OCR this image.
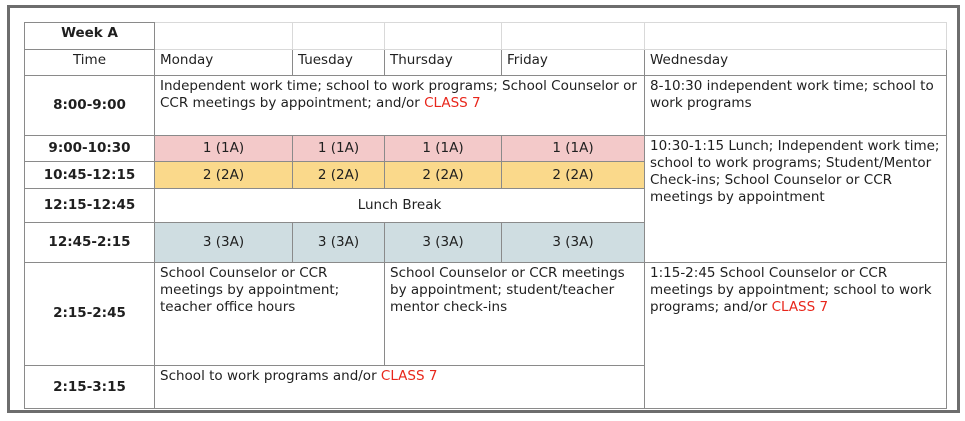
Week A					
Time	Monday	Tuesday	Thursday	Friday	Wednesday
8:00-9:00	Independent work time; school to work programs; School Counselor or CCR meetings by appointment; and/or CLASS 7				8-10:30 independent work time; school to work programs
9:00-10:30	1 (1A)	1 (1A)	1 (1A)	1 (1A)	10:30-1:15 Lunch; Independent work time; school to work programs; Student/Mentor Check-ins; School Counselor or CCR meetings by appointment
10:45-12:15	2 (2A)	2 (2A)	2 (2A)	2 (2A)	
12:15-12:45	Lunch Break				
12:45-2:15	3 (3A)	3 (3A)	3 (3A)	3 (3A)	
2:15-2:45	School Counselor or CCR meetings by appointment; teacher office hours		School Counselor or CCR meetings by appointment; student/teacher mentor check-ins		1:15-2:45 School Counselor or CCR meetings by appointment; school to work programs; and/or CLASS 7
2:15-3:15	School to work programs and/or CLASS 7				
